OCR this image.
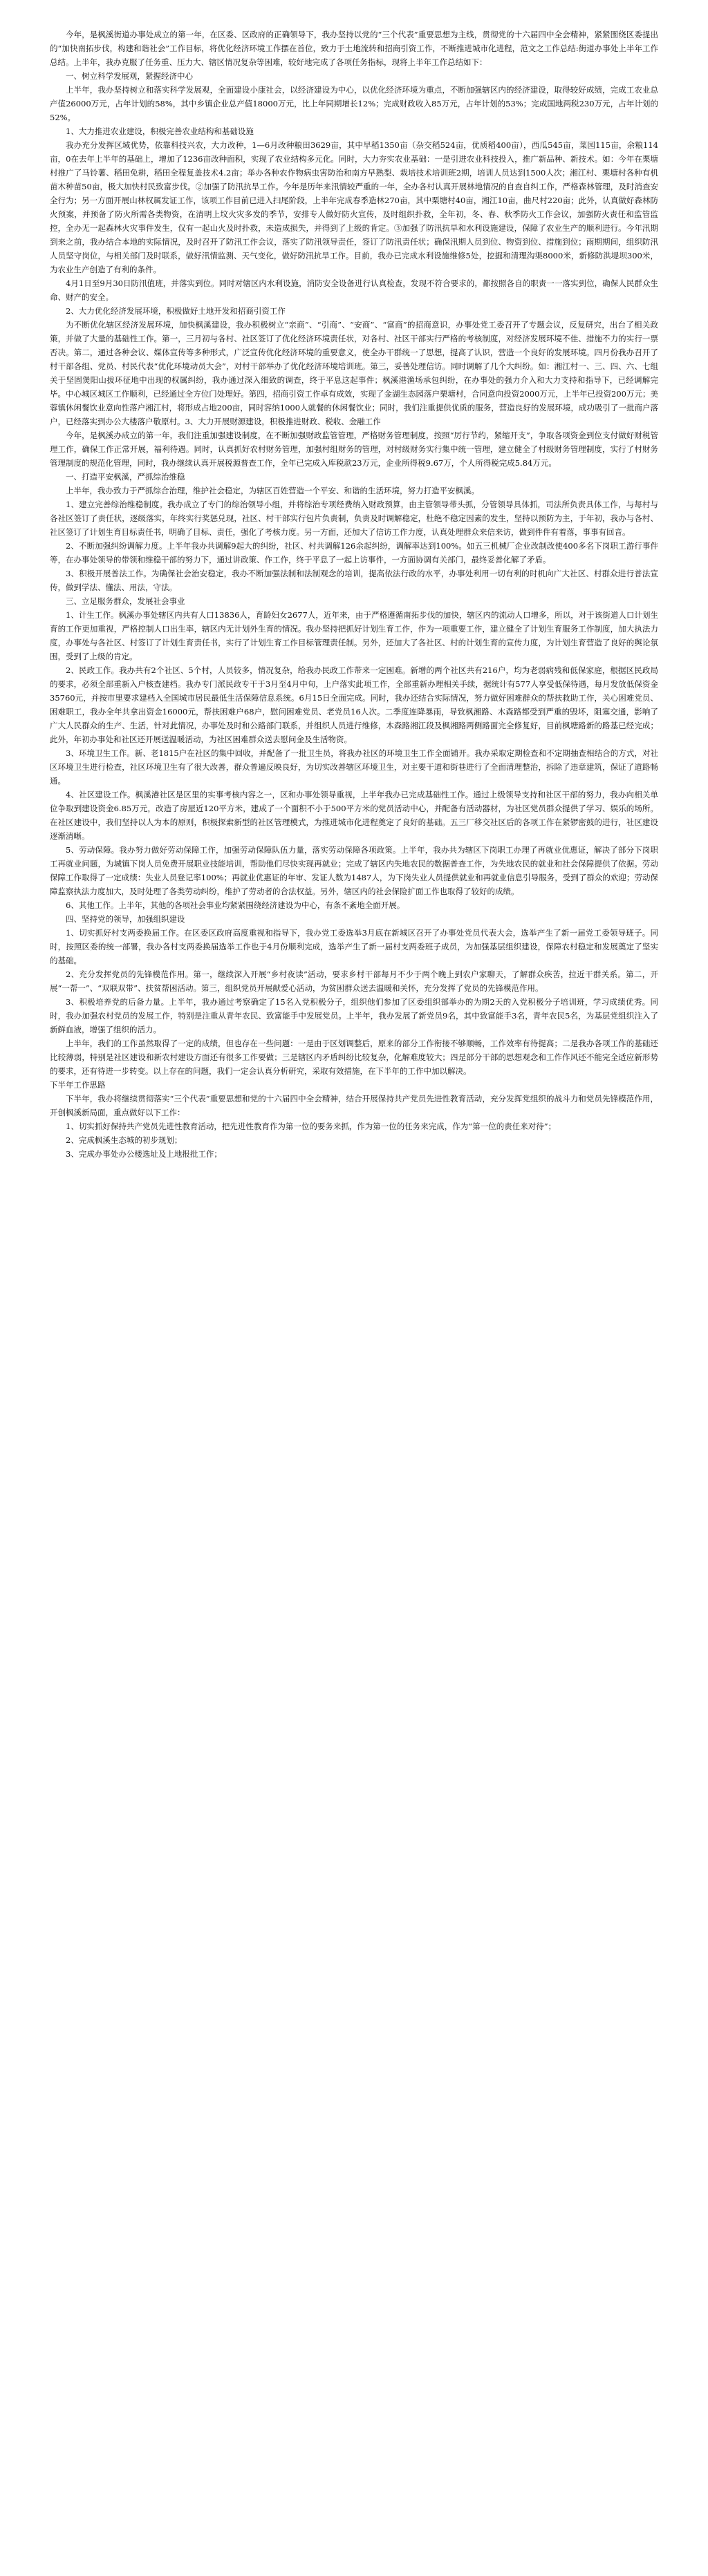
今年，是枫溪街道办事处成立的第一年，在区委、区政府的正确领导下，我办坚持以党的“三个代表”重要思想为主线，贯彻党的十六届四中全会精神，紧紧围绕区委提出的“加快南拓步伐，构建和谐社会”工作目标，将优化经济环境工作摆在首位，致力于土地流转和招商引资工作，不断推进城市化进程，范文之工作总结:街道办事处上半年工作总结。上半年，我办克服了任务重、压力大、辖区情况复杂等困难，较好地完成了各项任务指标，现将上半年工作总结如下：

一、树立科学发展观，紧握经济中心

上半年，我办坚持树立和落实科学发展观，全面建设小康社会，以经济建设为中心，以优化经济环境为重点，不断加强辖区内的经济建设，取得较好成绩，完成工农业总产值26000万元，占年计划的58%，其中乡镇企业总产值18000万元，比上年同期增长12%；完成财政收入85万元，占年计划的53%；完成国地两税230万元，占年计划的52%。

1、大力推进农业建设，积极完善农业结构和基础设施

我办充分发挥区域优势，依靠科技兴农，大力改种，1—6月改种粮田3629亩，其中早稻1350亩（杂交稻524亩，优质稻400亩），西瓜545亩，菜园115亩，余粮114亩，0在去年上半年的基础上，增加了1236亩改种面积，实现了农业结构多元化。同时，大力夯实农业基础：一是引进农业科技投入，推广新品种、新技术。如：今年在栗塘村推广了马铃薯、稻田免耕，稻田全程复盖技术4.2亩；举办各种农作物病虫害防治和南方早熟梨、栽培技术培训班2期，培训人员达到1500人次；湘江村、栗塘村各种有机苗木种苗50亩，极大加快村民致富步伐。②加强了防汛抗旱工作。今年是历年来汛情较严重的一年，全办各村认真开展林地情况的自查自纠工作，严格森林管理，及时消查安全行为；另一方面开展山林权属发证工作，该项工作目前已进入扫尾阶段，上半年完成春季造林270亩，其中栗塘村40亩，湘江10亩，曲尺村220亩；此外，认真做好森林防火预案，并预备了防火所需各类物资，在清明上坟火灾多发的季节，安排专人做好防火宣传，及时组织扑救，全年初，冬、春、秋季防火工作会议，加强防火责任和监管监控，全办无一起森林火灾事件发生，仅有一起山火及时扑救，未造成损失，并得到了上级的肯定。③加强了防汛抗旱和水利设施建设，保障了农业生产的顺利进行。今年汛期到来之前，我办结合本地的实际情况，及时召开了防汛工作会议，落实了防汛领导责任，签订了防汛责任状；确保汛期人员到位、物资到位、措施到位；雨期期间，组织防汛人员坚守岗位，与相关部门及时联系，做好汛情监测、天气变化，做好防汛抗旱工作。目前，我办已完成水利设施维修5处，挖掘和清理沟渠8000米，新修防洪堤坝300米，为农业生产创造了有利的条件。

4月1日至9月30日防汛值班，并落实到位。同时对辖区内水利设施，消防安全设备进行认真检查，发现不符合要求的，都按照各自的职责一一落实到位，确保人民群众生命、财产的安全。

2、大力优化经济发展环境，积极做好土地开发和招商引资工作

为不断优化辖区经济发展环境，加快枫溪建设，我办积极树立“亲商”、“引商”、“安商”、“富商”的招商意识，办事处党工委召开了专题会议，反复研究，出台了相关政策，并做了大量的基础性工作。第一，三月初与各村、社区签订了优化经济环境责任状，对各村、社区干部实行严格的考核制度，对经济发展环境不佳、措施不力的实行一票否决。第二，通过各种会议、媒体宣传等多种形式，广泛宣传优化经济环境的重要意义，使全办干群统一了思想，提高了认识，营造一个良好的发展环境。四月份我办召开了村干部各组、党员、村民代表“优化环境动员大会”，对村干部举办了优化经济环境培训班。第三，妥善处理信访。同时调解了几个大纠纷。如：湘江村一、三、四、六、七组关于坚固煲阳山拔环征地中出现的权属纠纷，我办通过深入细致的调查，终于平息这起事件；枫溪港渔场承包纠纷，在办事处的强力介入和大力支持和指导下，已经调解完毕。中心城区城区工作顺利，已经通过全方位门处理好。第四，招商引资工作卓有成效，实现了金湖生态园落户栗塘村，合同意向投资2000万元，上半年已投资200万元；美蓉镇休闲餐饮业意向性落户湘江村，将形成占地200亩，同时容纳1000人就餐的休闲餐饮业；同时，我们注重提供优质的服务，营造良好的发展环境，成功吸引了一批商户落户，已经落实到办公大楼落户敬原村。3、大力开展财源建设，积极推进财政、税收、金融工作

今年，是枫溪办成立的第一年，我们注重加强建设制度，在不断加强财政监管管理，严格财务管理制度，按照“厉行节约，紧缩开支”，争取各项资金到位支付做好财税管理工作，确保工作正常开展，福利待遇。同时，认真抓好农村财务管理，加强村组财务的管理，对村级财务实行集中统一管理，建立健全了村级财务管理制度，实行了村财务管理制度的规范化管理，同时，我办继续认真开展税源普查工作，全年已完成入库税款23万元，企业所得税9.67万，个人所得税完成5.84万元。

一、打造平安枫溪，严抓综治维稳

上半年，我办致力于严抓综合治理，维护社会稳定，为辖区百姓营造一个平安、和谐的生活环境，努力打造平安枫溪。

1、建立完善综治维稳制度。我办成立了专门的综治领导小组，并将综治专项经费纳入财政预算，由主管领导带头抓，分管领导具体抓，司法所负责具体工作，与每村与各社区签订了责任状，逐级落实，年终实行奖惩兑现，社区、村干部实行包片负责制，负责及时调解稳定，杜绝不稳定因素的发生，坚持以预防为主，于年初，我办与各村、社区签订了计划生育目标责任书，明确了目标、责任，强化了考核力度。另一方面，还加大了信访工作力度，认真处理群众来信来访，做到件件有着落，事事有回音。

2、不断加强纠纷调解力度。上半年我办共调解9起大的纠纷，社区、村共调解126余起纠纷，调解率达到100%。如五三机械厂企业改制改使400多名下岗职工游行事件等，在办事处领导的带领和维稳干部的努力下，通过讲政策、作工作，终于平息了一起上访事件，一方面协调有关部门，最终妥善化解了矛盾。

3、积极开展普法工作。为确保社会治安稳定，我办不断加强法制和法制观念的培训，提高依法行政的水平，办事处利用一切有利的时机向广大社区、村群众进行普法宣传，做到学法、懂法、用法，守法。

三、立足服务群众，发展社会事业

1、计生工作。枫溪办事处辖区内共有人口13836人，育龄妇女2677人，近年来，由于严格遵循南拓步伐的加快，辖区内的流动人口增多，所以，对于该街道人口计划生育的工作更加重视，严格控制人口出生率，辖区内无计划外生育的情况。我办坚持把抓好计划生育工作，作为一项重要工作，建立健全了计划生育服务工作制度，加大执法力度，办事处与各社区、村签订了计划生育责任书，实行了计划生育工作目标管理责任制。另外，还加大了各社区、村的计划生育的宣传力度，为计划生育营造了良好的舆论氛围，受到了上级的肯定。

2、民政工作。我办共有2个社区、5个村，人员较多，情况复杂，给我办民政工作带来一定困难。新增的两个社区共有216户，均为老弱病残和低保家庭，根据区民政局的要求，必须全部重新入户核查建档。我办专门派民政专干于3月至4月中旬，上户落实此项工作，全部重新办理相关手续，据统计有577人享受低保待遇，每月发放低保资金35760元，并按市里要求建档入全国城市居民最低生活保障信息系统。6月15日全面完成。同时，我办还结合实际情况，努力做好困难群众的帮扶救助工作，关心困难党员、困难职工，我办全年共拿出资金16000元，帮扶困难户68户，慰问困难党员、老党员16人次。二季度连降暴雨，导致枫湘路、木森路都受到严重的毁坏，阻塞交通，影响了广大人民群众的生产、生活，针对此情况，办事处及时和公路部门联系，并组织人员进行维修，木森路湘江段及枫湘路两侧路面完全修复好，目前枫塘路新的路基已经完成；此外，年初办事处和社区还开展送温暖活动，为社区困难群众送去慰问金及生活物资。

3、环境卫生工作。新、老1815户在社区的集中回收，并配备了一批卫生员，将我办社区的环境卫生工作全面铺开。我办采取定期检查和不定期抽查相结合的方式，对社区环境卫生进行检查，社区环境卫生有了很大改善，群众普遍反映良好，为切实改善辖区环境卫生，对主要干道和街巷进行了全面清理整治，拆除了违章建筑，保证了道路畅通。

4、社区建设工作。枫溪港社区是区里的实事考核内容之一，区和办事处领导重视，上半年我办已完成基础性工作。通过上级领导支持和社区干部的努力，我办向相关单位争取到建设资金6.85万元，改造了房屋近120平方米，建成了一个面积不小于500平方米的党员活动中心，并配备有活动器材，为社区党员群众提供了学习、娱乐的场所。在社区建设中，我们坚持以人为本的原则，积极探索新型的社区管理模式，为推进城市化进程奠定了良好的基础。五三厂移交社区后的各项工作在紧锣密鼓的进行，社区建设逐渐清晰。

5、劳动保障。我办努力做好劳动保障工作，加强劳动保障队伍力量，落实劳动保障各项政策。上半年，我办共为辖区下岗职工办理了再就业优惠证，解决了部分下岗职工再就业问题，为城镇下岗人员免费开展职业技能培训，帮助他们尽快实现再就业；完成了辖区内失地农民的数据普查工作，为失地农民的就业和社会保障提供了依据。劳动保障工作取得了一定成绩：失业人员登记率100%；再就业优惠证的年审、发证人数为1487人，为下岗失业人员提供就业和再就业信息引导服务，受到了群众的欢迎；劳动保障监察执法力度加大，及时处理了各类劳动纠纷，维护了劳动者的合法权益。另外，辖区内的社会保险扩面工作也取得了较好的成绩。

6、其他工作。上半年，其他的各项社会事业均紧紧围绕经济建设为中心，有条不紊地全面开展。

四、坚持党的领导，加强组织建设

1、切实抓好村支两委换届工作。在区委区政府高度重视和指导下，我办党工委选举3月底在新城区召开了办事处党员代表大会，选举产生了新一届党工委领导班子。同时，按照区委的统一部署，我办各村支两委换届选举工作也于4月份顺利完成，选举产生了新一届村支两委班子成员，为加强基层组织建设，保障农村稳定和发展奠定了坚实的基础。

2、充分发挥党员的先锋模范作用。第一，继续深入开展“乡村夜读”活动，要求乡村干部每月不少于两个晚上到农户家聊天，了解群众疾苦，拉近干群关系。第二，开展“一帮一”、“双联双带”、扶贫帮困活动。第三，组织党员开展献爱心活动，为贫困群众送去温暖和关怀，充分发挥了党员的先锋模范作用。

3、积极培养党的后备力量。上半年，我办通过考察确定了15名入党积极分子，组织他们参加了区委组织部举办的为期2天的入党积极分子培训班，学习成绩优秀。同时，我办加强农村党员的发展工作，特别是注重从青年农民、致富能手中发展党员。上半年，我办发展了新党员9名，其中致富能手3名，青年农民5名，为基层党组织注入了新鲜血液，增强了组织的活力。

上半年，我们的工作虽然取得了一定的成绩，但也存在一些问题：一是由于区划调整后，原来的部分工作衔接不够顺畅，工作效率有待提高；二是我办各项工作的基础还比较薄弱，特别是社区建设和新农村建设方面还有很多工作要做；三是辖区内矛盾纠纷比较复杂，化解难度较大；四是部分干部的思想观念和工作作风还不能完全适应新形势的要求，还有待进一步转变。以上存在的问题，我们一定会认真分析研究，采取有效措施，在下半年的工作中加以解决。

下半年工作思路

下半年，我办将继续贯彻落实“三个代表”重要思想和党的十六届四中全会精神，结合开展保持共产党员先进性教育活动，充分发挥党组织的战斗力和党员先锋模范作用，开创枫溪新局面，重点做好以下工作：

1、切实抓好保持共产党员先进性教育活动，把先进性教育作为第一位的要务来抓，作为第一位的任务来完成，作为“第一位的责任来对待”；

2、完成枫溪生态城的初步规划；

3、完成办事处办公楼选址及上地报批工作；
